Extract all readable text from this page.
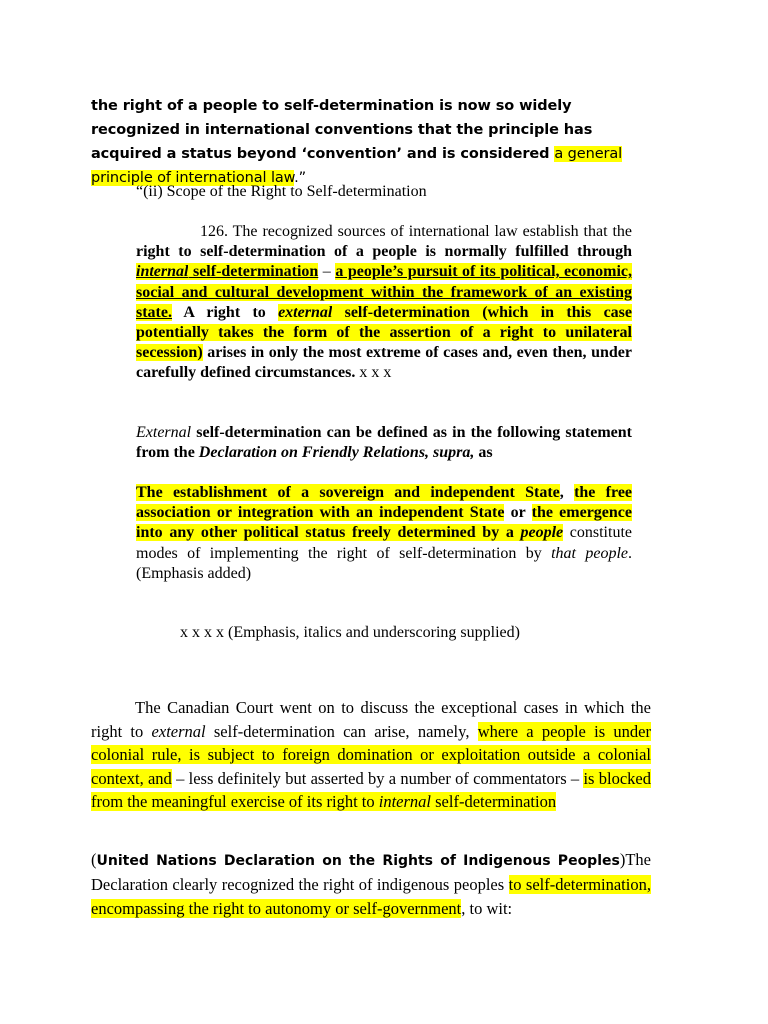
the right of a people to self-determination is now so widely recognized in international conventions that the principle has acquired a status beyond ‘convention’ and is considered a general principle of international law.”
“(ii) Scope of the Right to Self-determination
126. The recognized sources of international law establish that the right to self-determination of a people is normally fulfilled through internal self-determination – a people’s pursuit of its political, economic, social and cultural development within the framework of an existing state. A right to external self-determination (which in this case potentially takes the form of the assertion of a right to unilateral secession) arises in only the most extreme of cases and, even then, under carefully defined circumstances. x x x
External self-determination can be defined as in the following statement from the Declaration on Friendly Relations, supra, as
The establishment of a sovereign and independent State, the free association or integration with an independent State or the emergence into any other political status freely determined by a people constitute modes of implementing the right of self-determination by that people. (Emphasis added)
x x x x (Emphasis, italics and underscoring supplied)
The Canadian Court went on to discuss the exceptional cases in which the right to external self-determination can arise, namely, where a people is under colonial rule, is subject to foreign domination or exploitation outside a colonial context, and – less definitely but asserted by a number of commentators – is blocked from the meaningful exercise of its right to internal self-determination
(United Nations Declaration on the Rights of Indigenous Peoples)The Declaration clearly recognized the right of indigenous peoples to self-determination, encompassing the right to autonomy or self-government, to wit:
